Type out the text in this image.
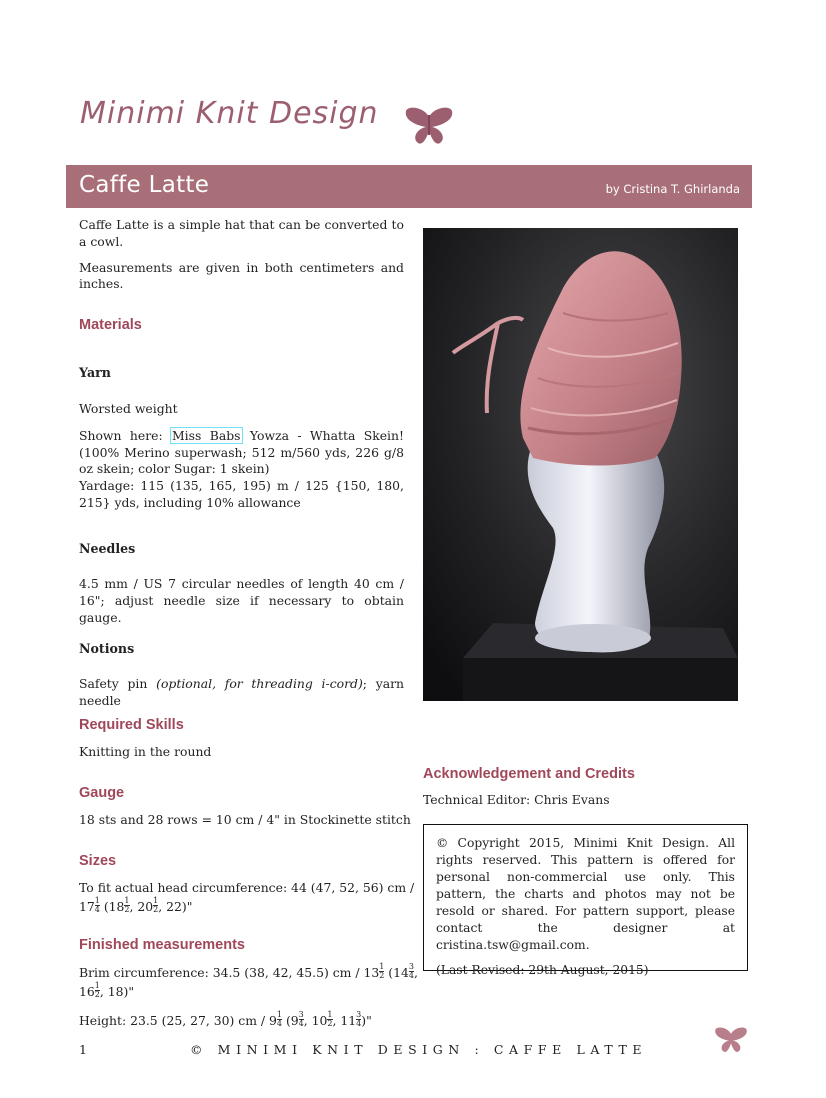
Minimi Knit Design
Caffe Latte	by Cristina T. Ghirlanda

Caffe Latte is a simple hat that can be converted to a cowl.

Measurements are given in both centimeters and inches.

Materials
Yarn

Worsted weight

Shown here: Miss Babs Yowza - Whatta Skein! (100% Merino superwash; 512 m/560 yds, 226 g/8 oz skein; color Sugar: 1 skein)

Yardage: 115 (135, 165, 195) m / 125 {150, 180, 215} yds, including 10% allowance

Needles

4.5 mm / US 7 circular needles of length 40 cm / 16"; adjust needle size if necessary to obtain gauge.

Notions

Safety pin (optional, for threading i-cord); yarn needle

Required Skills

Knitting in the round

Gauge

18 sts and 28 rows = 10 cm / 4" in Stockinette stitch

Sizes

To fit actual head circumference: 44 (47, 52, 56) cm /

$17 \frac{1}{4} (18 \frac{1}{2}$ , $20 \frac{1}{2}$ , 22)"

Finished measurements

Brim circumference: 34.5 (38, 42, 45.5) cm / $13 \frac{1}{2} (14 \frac{3}{4}$ ,

$16 \frac{1}{2}$ , 18)"

Height: 23.5 (25, 27, 30) cm / $9 \frac{1}{4} (9 \frac{3}{4}$ , $10 \frac{1}{2}$ , $11 \frac{3}{4}$ )"

Acknowledgement and Credits

Technical Editor: Chris Evans

© Copyright 2015, Minimi Knit Design. All rights reserved. This pattern is offered for personal non-commercial use only. This pattern, the charts and photos may not be resold or shared. For pattern support, please contact the designer at cristina.tsw@gmail.com.

(Last Revised: 29th August, 2015)

1	© MINIMI KNIT DESIGN : CAFFE LATTE
